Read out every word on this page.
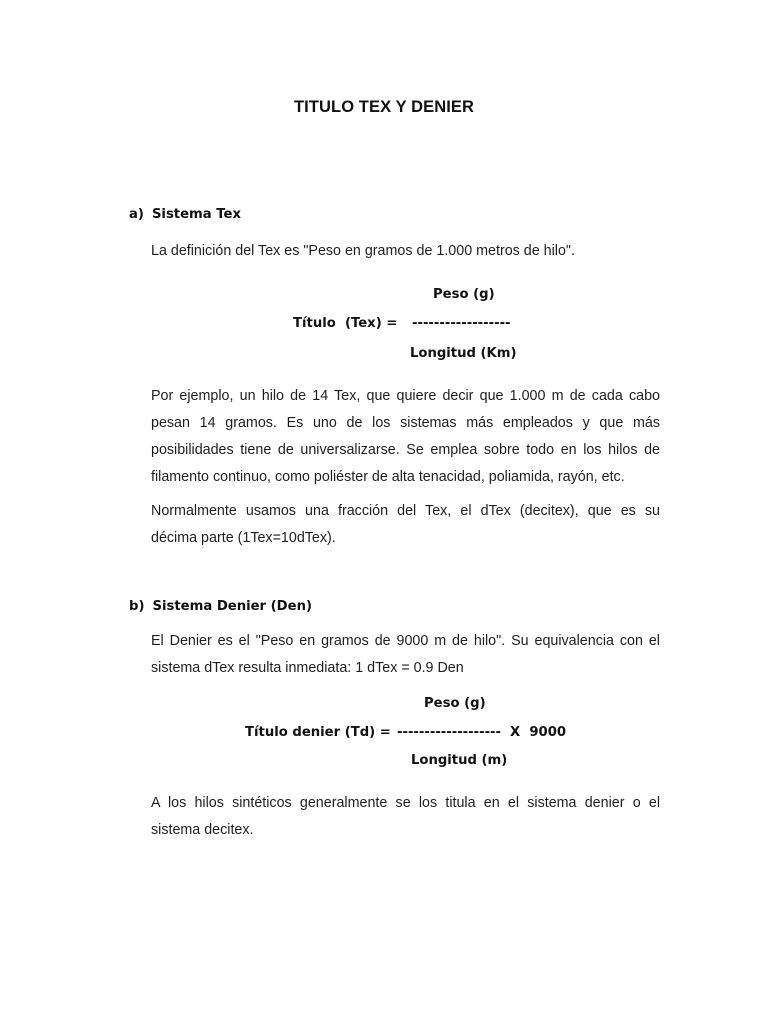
TITULO TEX Y DENIER
a) Sistema Tex
La definición del Tex es "Peso en gramos de 1.000 metros de hilo".
Peso (g)
Título  (Tex) = ------------------
Longitud (Km)
Por ejemplo, un hilo de 14 Tex, que quiere decir que 1.000 m de cada cabo
pesan 14 gramos. Es uno de los sistemas más empleados y que más
posibilidades tiene de universalizarse. Se emplea sobre todo en los hilos de
filamento continuo, como poliéster de alta tenacidad, poliamida, rayón, etc.
Normalmente usamos una fracción del Tex, el dTex (decitex), que es su
décima parte (1Tex=10dTex).
b) Sistema Denier (Den)
El Denier es el "Peso en gramos de 9000 m de hilo". Su equivalencia con el
sistema dTex resulta inmediata: 1 dTex = 0.9 Den
Peso (g)
Título denier (Td) = ------------------- X  9000
Longitud (m)
A los hilos sintéticos generalmente se los titula en el sistema denier o el
sistema decitex.
